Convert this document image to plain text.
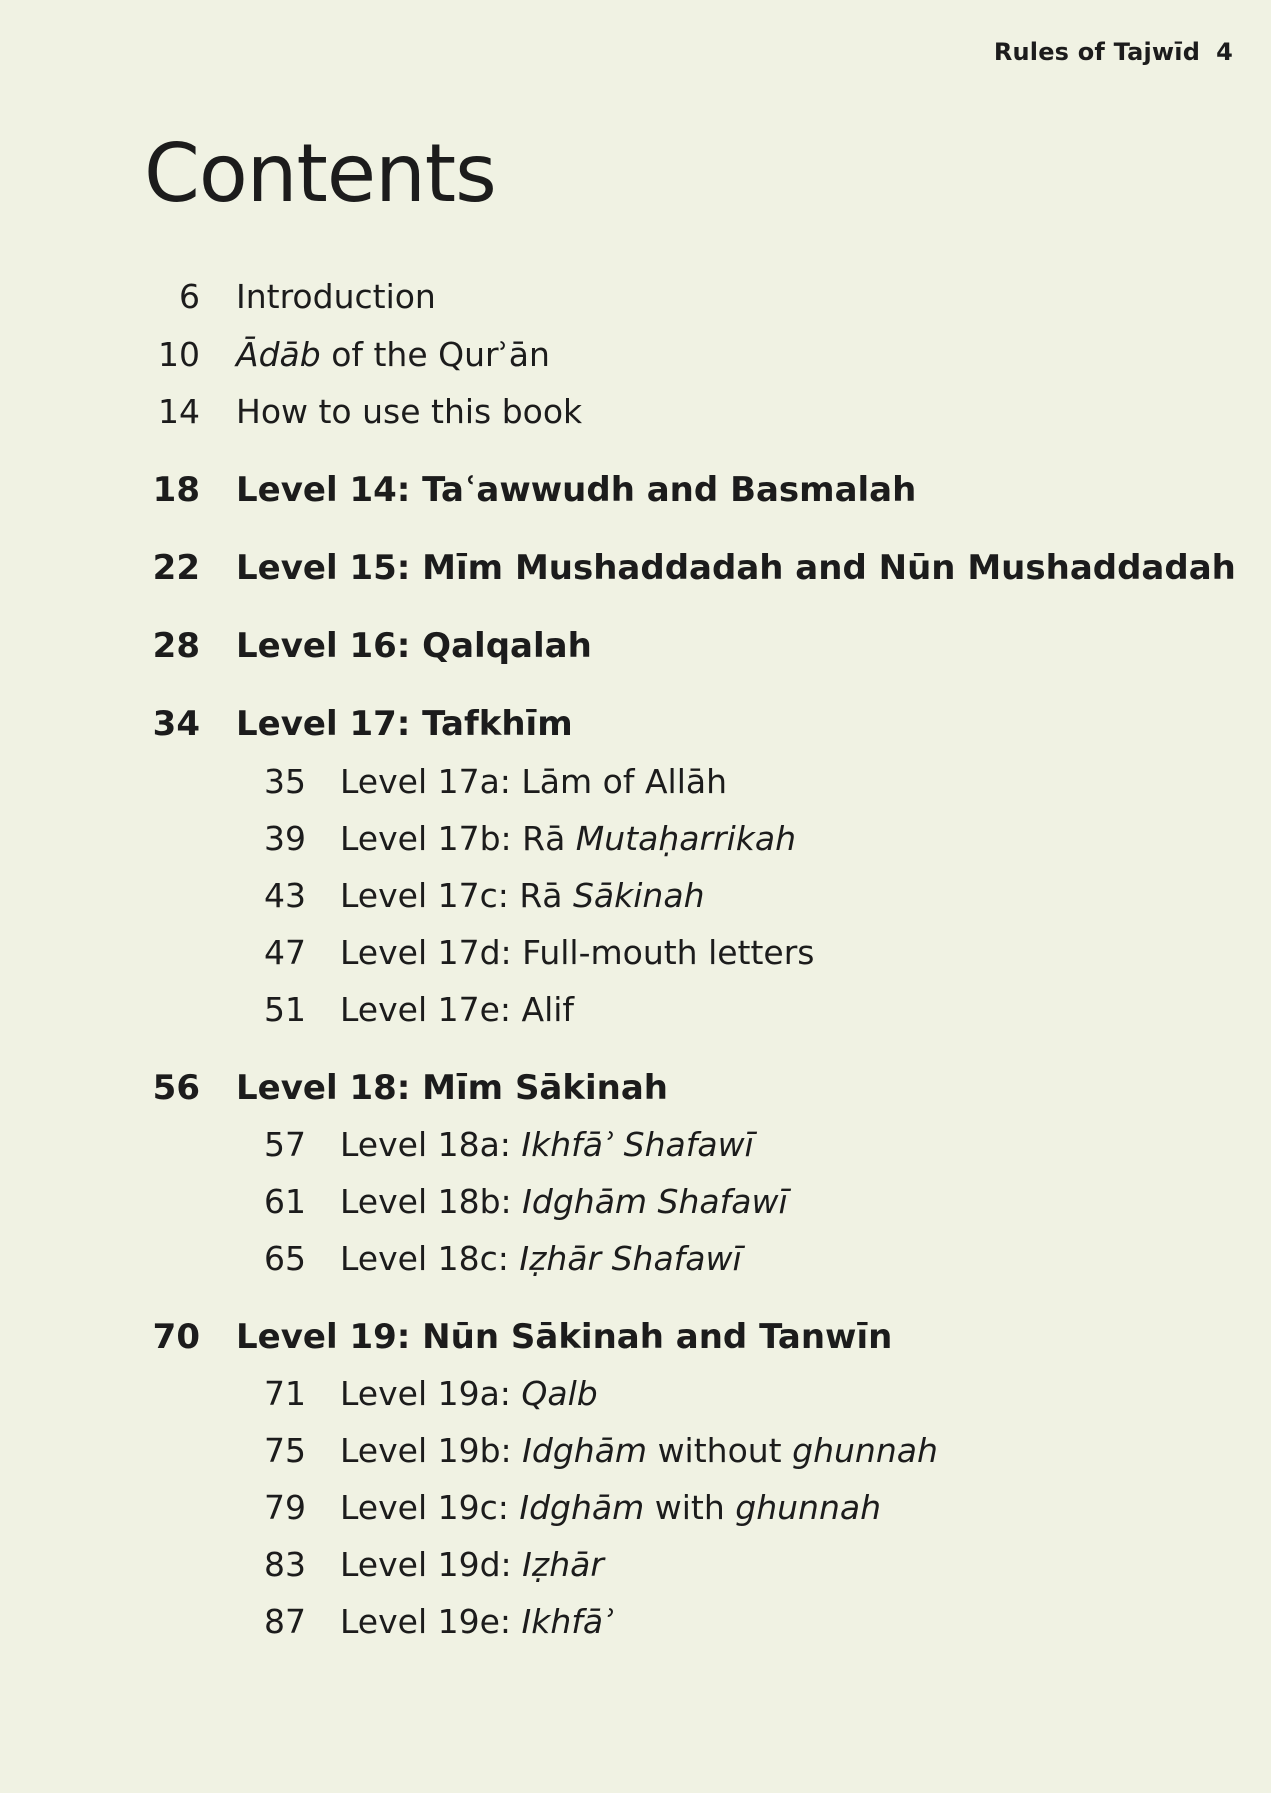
Rules of Tajwīd 4
Contents
6 Introduction
10 Ādāb of the Qurʾān
14 How to use this book
18 Level 14: Taʿawwudh and Basmalah
22 Level 15: Mīm Mushaddadah and Nūn Mushaddadah
28 Level 16: Qalqalah
34 Level 17: Tafkhīm
35 Level 17a: Lām of Allāh
39 Level 17b: Rā Mutaḥarrikah
43 Level 17c: Rā Sākinah
47 Level 17d: Full-mouth letters
51 Level 17e: Alif
56 Level 18: Mīm Sākinah
57 Level 18a: Ikhfāʾ Shafawī
61 Level 18b: Idghām Shafawī
65 Level 18c: Iẓhār Shafawī
70 Level 19: Nūn Sākinah and Tanwīn
71 Level 19a: Qalb
75 Level 19b: Idghām without ghunnah
79 Level 19c: Idghām with ghunnah
83 Level 19d: Iẓhār
87 Level 19e: Ikhfāʾ
